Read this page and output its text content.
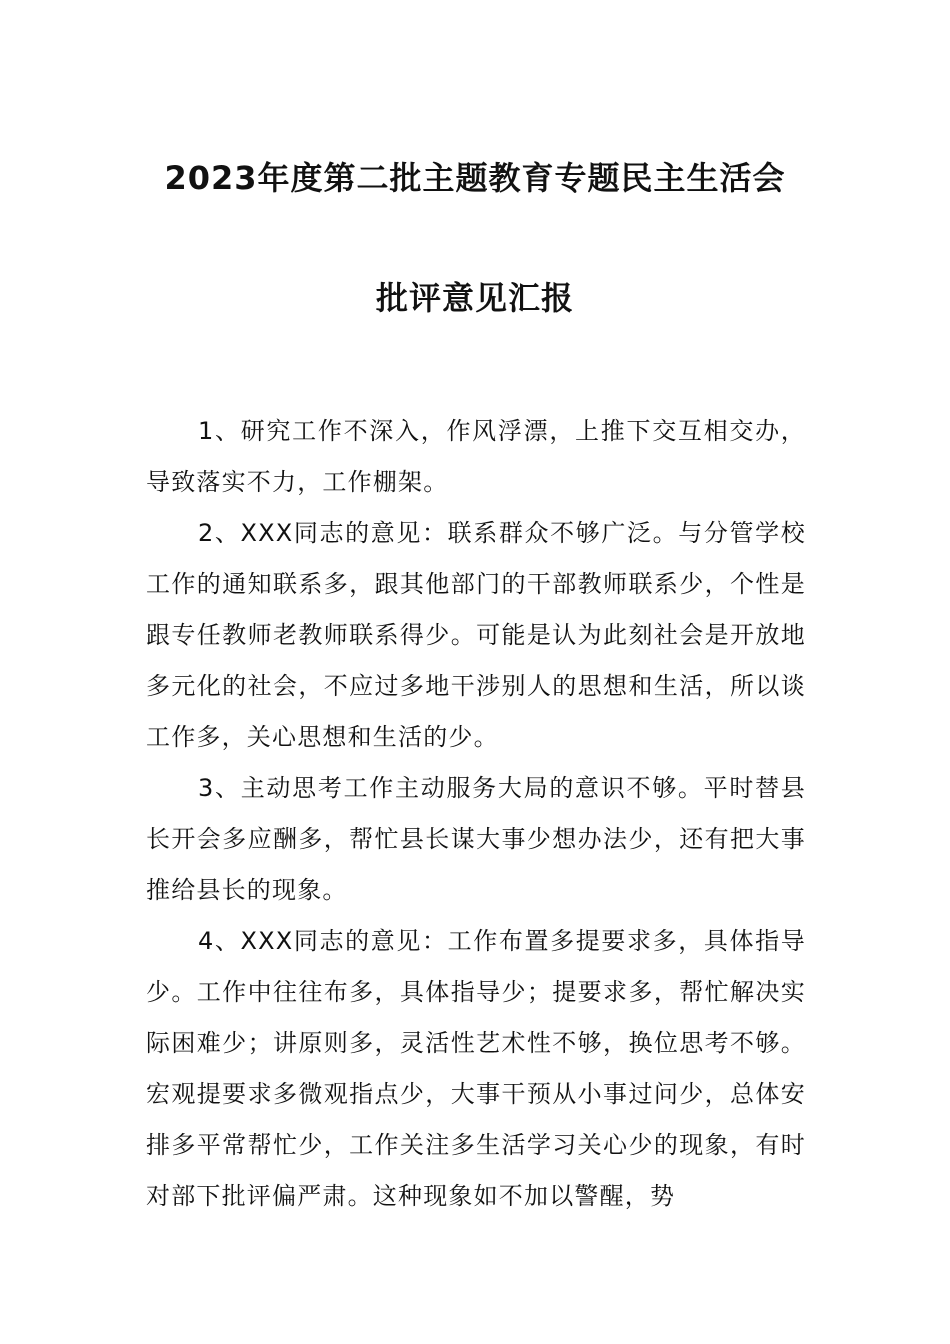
2023年度第二批主题教育专题民主生活会
批评意见汇报

1、研究工作不深入，作风浮漂，上推下交互相交办，导致落实不力，工作棚架。

2、XXX同志的意见：联系群众不够广泛。与分管学校工作的通知联系多，跟其他部门的干部教师联系少，个性是跟专任教师老教师联系得少。可能是认为此刻社会是开放地多元化的社会，不应过多地干涉别人的思想和生活，所以谈工作多，关心思想和生活的少。

3、主动思考工作主动服务大局的意识不够。平时替县长开会多应酬多，帮忙县长谋大事少想办法少，还有把大事推给县长的现象。

4、XXX同志的意见：工作布置多提要求多，具体指导少。工作中往往布多，具体指导少；提要求多，帮忙解决实际困难少；讲原则多，灵活性艺术性不够，换位思考不够。宏观提要求多微观指点少，大事干预从小事过问少，总体安排多平常帮忙少，工作关注多生活学习关心少的现象，有时对部下批评偏严肃。这种现象如不加以警醒，势
